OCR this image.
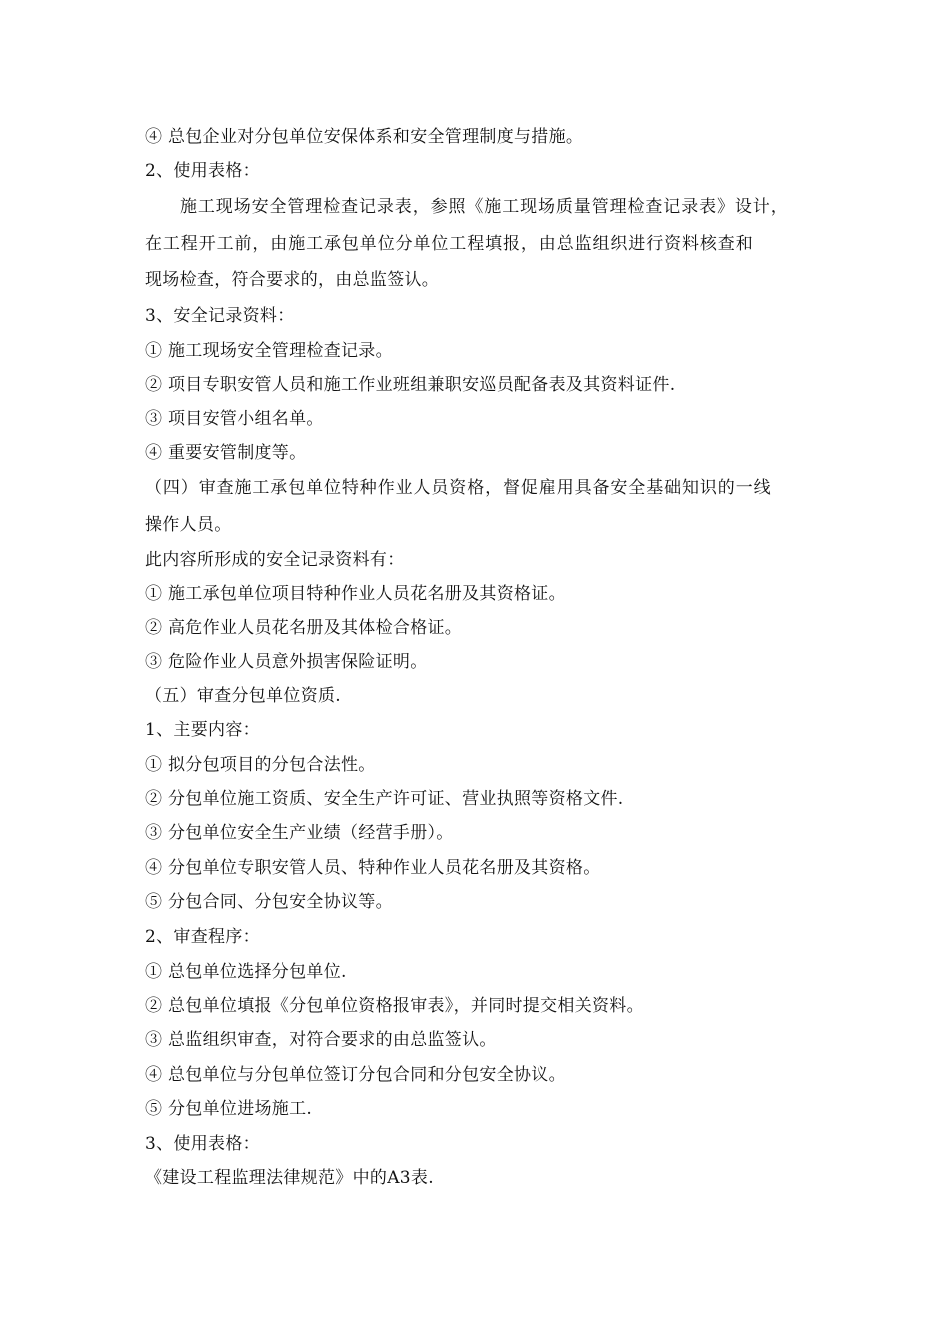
④ 总包企业对分包单位安保体系和安全管理制度与措施。
2、使用表格：
施工现场安全管理检查记录表，参照《施工现场质量管理检查记录表》设计，
在工程开工前，由施工承包单位分单位工程填报，由总监组织进行资料核查和
现场检查，符合要求的，由总监签认。
3、安全记录资料：
① 施工现场安全管理检查记录。
② 项目专职安管人员和施工作业班组兼职安巡员配备表及其资料证件.
③ 项目安管小组名单。
④ 重要安管制度等。
（四）审查施工承包单位特种作业人员资格，督促雇用具备安全基础知识的一线
操作人员。
此内容所形成的安全记录资料有：
① 施工承包单位项目特种作业人员花名册及其资格证。
② 高危作业人员花名册及其体检合格证。
③ 危险作业人员意外损害保险证明。
（五）审查分包单位资质.
1、主要内容：
① 拟分包项目的分包合法性。
② 分包单位施工资质、安全生产许可证、营业执照等资格文件.
③ 分包单位安全生产业绩（经营手册）。
④ 分包单位专职安管人员、特种作业人员花名册及其资格。
⑤ 分包合同、分包安全协议等。
2、审查程序：
① 总包单位选择分包单位.
② 总包单位填报《分包单位资格报审表》，并同时提交相关资料。
③ 总监组织审查，对符合要求的由总监签认。
④ 总包单位与分包单位签订分包合同和分包安全协议。
⑤ 分包单位进场施工.
3、使用表格：
《建设工程监理法律规范》中的A3表.
